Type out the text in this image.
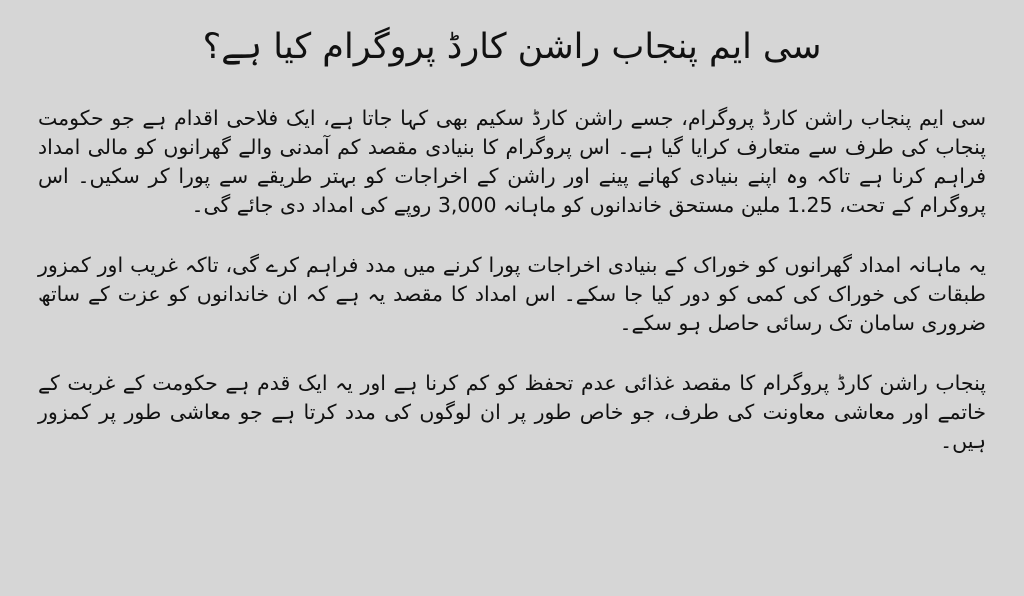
سی ایم پنجاب راشن کارڈ پروگرام کیا ہے؟

سی ایم پنجاب راشن کارڈ پروگرام، جسے راشن کارڈ سکیم بھی کہا جاتا ہے، ایک فلاحی اقدام ہے جو حکومت پنجاب کی طرف سے متعارف کرایا گیا ہے۔ اس پروگرام کا بنیادی مقصد کم آمدنی والے گھرانوں کو مالی امداد فراہم کرنا ہے تاکہ وہ اپنے بنیادی کھانے پینے اور راشن کے اخراجات کو بہتر طریقے سے پورا کر سکیں۔ اس پروگرام کے تحت، 1.25 ملین مستحق خاندانوں کو ماہانہ 3,000 روپے کی امداد دی جائے گی۔

یہ ماہانہ امداد گھرانوں کو خوراک کے بنیادی اخراجات پورا کرنے میں مدد فراہم کرے گی، تاکہ غریب اور کمزور طبقات کی خوراک کی کمی کو دور کیا جا سکے۔ اس امداد کا مقصد یہ ہے کہ ان خاندانوں کو عزت کے ساتھ ضروری سامان تک رسائی حاصل ہو سکے۔

پنجاب راشن کارڈ پروگرام کا مقصد غذائی عدم تحفظ کو کم کرنا ہے اور یہ ایک قدم ہے حکومت کے غربت کے خاتمے اور معاشی معاونت کی طرف، جو خاص طور پر ان لوگوں کی مدد کرتا ہے جو معاشی طور پر کمزور ہیں۔
